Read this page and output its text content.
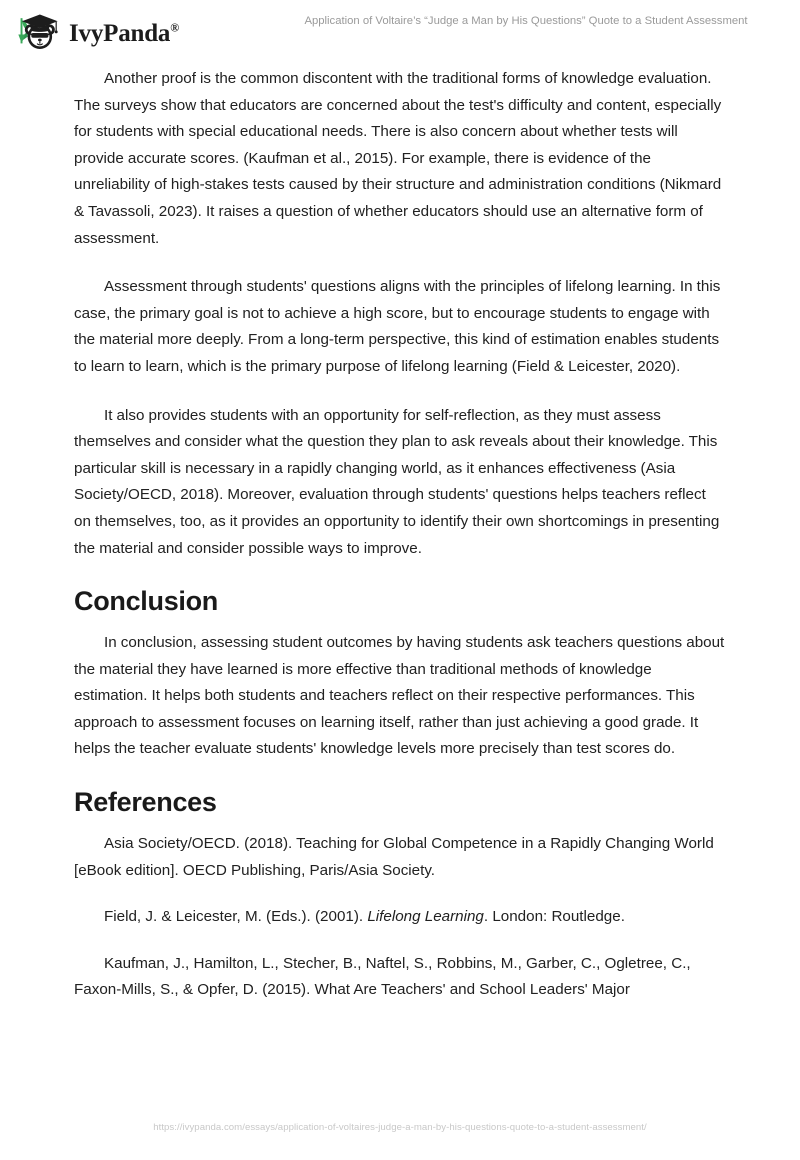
IvyPanda®	Application of Voltaire’s “Judge a Man by His Questions” Quote to a Student Assessment

Another proof is the common discontent with the traditional forms of knowledge evaluation. The surveys show that educators are concerned about the test's difficulty and content, especially for students with special educational needs. There is also concern about whether tests will provide accurate scores. (Kaufman et al., 2015). For example, there is evidence of the unreliability of high-stakes tests caused by their structure and administration conditions (Nikmard & Tavassoli, 2023). It raises a question of whether educators should use an alternative form of assessment.

Assessment through students' questions aligns with the principles of lifelong learning. In this case, the primary goal is not to achieve a high score, but to encourage students to engage with the material more deeply. From a long-term perspective, this kind of estimation enables students to learn to learn, which is the primary purpose of lifelong learning (Field & Leicester, 2020).

It also provides students with an opportunity for self-reflection, as they must assess themselves and consider what the question they plan to ask reveals about their knowledge. This particular skill is necessary in a rapidly changing world, as it enhances effectiveness (Asia Society/OECD, 2018). Moreover, evaluation through students' questions helps teachers reflect on themselves, too, as it provides an opportunity to identify their own shortcomings in presenting the material and consider possible ways to improve.

Conclusion

In conclusion, assessing student outcomes by having students ask teachers questions about the material they have learned is more effective than traditional methods of knowledge estimation. It helps both students and teachers reflect on their respective performances. This approach to assessment focuses on learning itself, rather than just achieving a good grade. It helps the teacher evaluate students' knowledge levels more precisely than test scores do.

References

Asia Society/OECD. (2018). Teaching for Global Competence in a Rapidly Changing World [eBook edition]. OECD Publishing, Paris/Asia Society.

Field, J. & Leicester, M. (Eds.). (2001). Lifelong Learning. London: Routledge.

Kaufman, J., Hamilton, L., Stecher, B., Naftel, S., Robbins, M., Garber, C., Ogletree, C., Faxon-Mills, S., & Opfer, D. (2015). What Are Teachers' and School Leaders' Major

https://ivypanda.com/essays/application-of-voltaires-judge-a-man-by-his-questions-quote-to-a-student-assessment/
